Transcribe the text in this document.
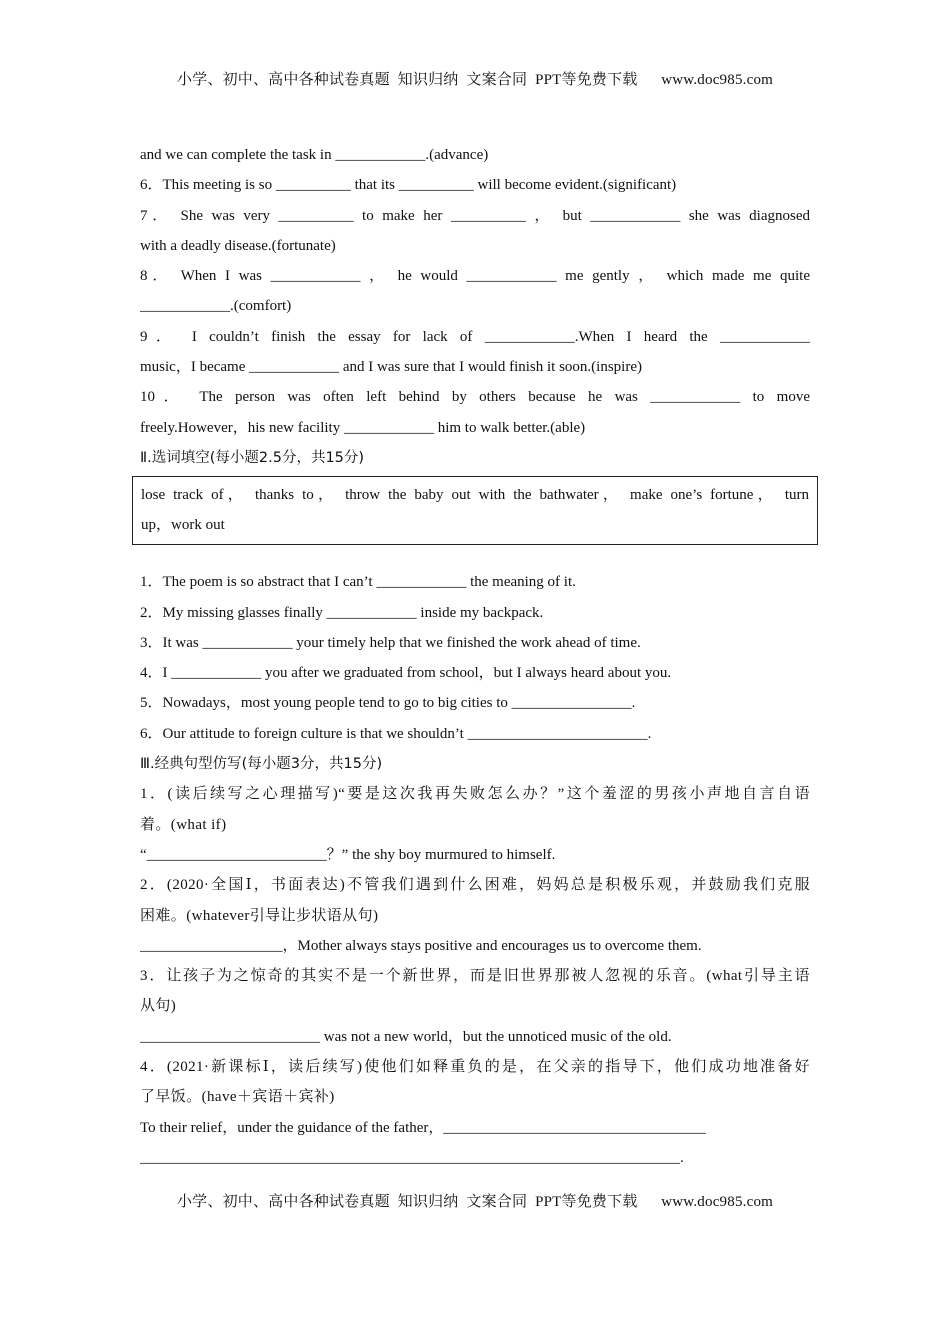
小学、初中、高中各种试卷真题  知识归纳  文案合同  PPT等免费下载      www.doc985.com
and we can complete the task in ____________.(advance)
6．This meeting is so __________ that its __________ will become evident.(significant)
7． She was very __________ to make her __________ ， but ____________ she was diagnosed
with a deadly disease.(fortunate)
8． When I was ____________ ， he would ____________ me gently ， which made me quite
____________.(comfort)
9． I couldn’t finish the essay for lack of ____________.When I heard the ____________
music，I became ____________ and I was sure that I would finish it soon.(inspire)
10． The person was often left behind by others because he was ____________ to move
freely.However，his new facility ____________ him to walk better.(able)
Ⅱ.选词填空(每小题2.5分，共15分)
lose track of， thanks to， throw the baby out with the bathwater， make one’s fortune， turn
up，work out
1．The poem is so abstract that I can’t ____________ the meaning of it.
2．My missing glasses finally ____________ inside my backpack.
3．It was ____________ your timely help that we finished the work ahead of time.
4．I ____________ you after we graduated from school，but I always heard about you.
5．Nowadays，most young people tend to go to big cities to ________________.
6．Our attitude to foreign culture is that we shouldn’t ________________________.
Ⅲ.经典句型仿写(每小题3分，共15分)
1．(读后续写之心理描写)“要是这次我再失败怎么办？”这个羞涩的男孩小声地自言自语
着。(what if)
“________________________？” the shy boy murmured to himself.
2．(2020·全国Ⅰ，书面表达)不管我们遇到什么困难，妈妈总是积极乐观，并鼓励我们克服
困难。(whatever引导让步状语从句)
___________________，Mother always stays positive and encourages us to overcome them.
3．让孩子为之惊奇的其实不是一个新世界，而是旧世界那被人忽视的乐音。(what引导主语
从句)
________________________ was not a new world，but the unnoticed music of the old.
4．(2021·新课标Ⅰ，读后续写)使他们如释重负的是，在父亲的指导下，他们成功地准备好
了早饭。(have＋宾语＋宾补)
To their relief，under the guidance of the father，___________________________________
________________________________________________________________________.
小学、初中、高中各种试卷真题  知识归纳  文案合同  PPT等免费下载      www.doc985.com
